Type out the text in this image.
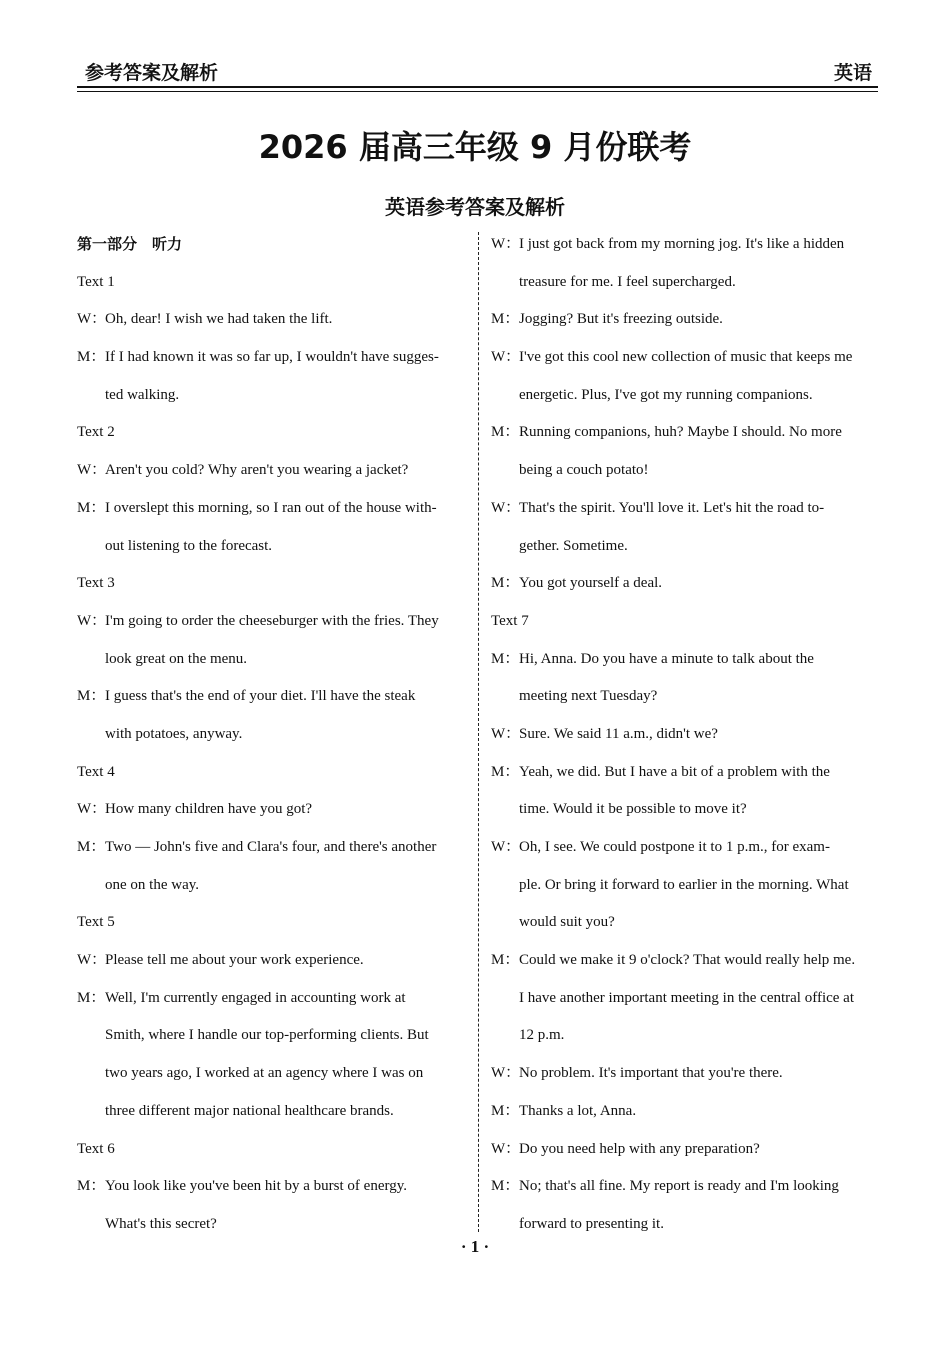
参考答案及解析	英语
2026 届高三年级 9 月份联考
英语参考答案及解析
第一部分　听力
Text 1
W：Oh, dear! I wish we had taken the lift.
M：If I had known it was so far up, I wouldn't have sugges-
ted walking.
Text 2
W：Aren't you cold? Why aren't you wearing a jacket?
M：I overslept this morning, so I ran out of the house with-
out listening to the forecast.
Text 3
W：I'm going to order the cheeseburger with the fries. They
look great on the menu.
M：I guess that's the end of your diet. I'll have the steak
with potatoes, anyway.
Text 4
W：How many children have you got?
M：Two — John's five and Clara's four, and there's another
one on the way.
Text 5
W：Please tell me about your work experience.
M：Well, I'm currently engaged in accounting work at
Smith, where I handle our top-performing clients. But
two years ago, I worked at an agency where I was on
three different major national healthcare brands.
Text 6
M：You look like you've been hit by a burst of energy.
What's this secret?
W：I just got back from my morning jog. It's like a hidden
treasure for me. I feel supercharged.
M：Jogging? But it's freezing outside.
W：I've got this cool new collection of music that keeps me
energetic. Plus, I've got my running companions.
M：Running companions, huh? Maybe I should. No more
being a couch potato!
W：That's the spirit. You'll love it. Let's hit the road to-
gether. Sometime.
M：You got yourself a deal.
Text 7
M：Hi, Anna. Do you have a minute to talk about the
meeting next Tuesday?
W：Sure. We said 11 a.m., didn't we?
M：Yeah, we did. But I have a bit of a problem with the
time. Would it be possible to move it?
W：Oh, I see. We could postpone it to 1 p.m., for exam-
ple. Or bring it forward to earlier in the morning. What
would suit you?
M：Could we make it 9 o'clock? That would really help me.
I have another important meeting in the central office at
12 p.m.
W：No problem. It's important that you're there.
M：Thanks a lot, Anna.
W：Do you need help with any preparation?
M：No; that's all fine. My report is ready and I'm looking
forward to presenting it.
· 1 ·
